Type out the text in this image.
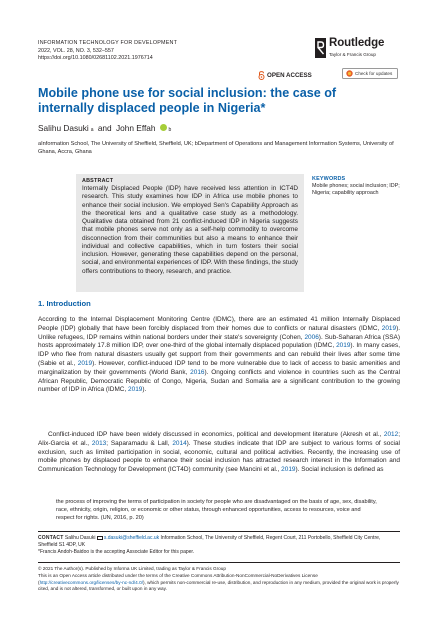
INFORMATION TECHNOLOGY FOR DEVELOPMENT
2022, VOL. 28, NO. 3, 532–557
https://doi.org/10.1080/02681102.2021.1976714
Routledge
Taylor & Francis Group
OPEN ACCESS	Check for updates
Mobile phone use for social inclusion: the case of internally displaced people in Nigeria*
Salihu Dasuki $_a$ and John Effah	$_b$
aInformation School, The University of Sheffield, Sheffield, UK; bDepartment of Operations and Management Information Systems, University of Ghana, Accra, Ghana
ABSTRACT
Internally Displaced People (IDP) have received less attention in ICT4D research. This study examines how IDP in Africa use mobile phones to enhance their social inclusion. We employed Sen's Capability Approach as the theoretical lens and a qualitative case study as a methodology. Qualitative data obtained from 21 conflict-induced IDP in Nigeria suggests that mobile phones serve not only as a self-help commodity to overcome disconnection from their communities but also a means to enhance their individual and collective capabilities, which in turn fosters their social inclusion. However, generating these capabilities depend on the personal, social, and environmental experiences of IDP. With these findings, the study offers contributions to theory, research, and practice.
KEYWORDS
Mobile phones; social inclusion; IDP; Nigeria; capability approach
1. Introduction

According to the Internal Displacement Monitoring Centre (IDMC), there are an estimated 41 million Internally Displaced People (IDP) globally that have been forcibly displaced from their homes due to conflicts or natural disasters (IDMC, 2019). Unlike refugees, IDP remains within national borders under their state's sovereignty (Cohen, 2006). Sub-Saharan Africa (SSA) hosts approximately 17.8 million IDP, over one-third of the global internally displaced population (IDMC, 2019). In many cases, IDP who flee from natural disasters usually get support from their governments and can rebuild their lives after some time (Sabie et al., 2019). However, conflict-induced IDP tend to be more vulnerable due to lack of access to basic amenities and marginalization by their governments (World Bank, 2016). Ongoing conflicts and violence in countries such as the Central African Republic, Democratic Republic of Congo, Nigeria, Sudan and Somalia are a significant contribution to the growing number of IDP in Africa (IDMC, 2019).

Conflict-induced IDP have been widely discussed in economics, political and development literature (Akresh et al., 2012; Alix-Garcia et al., 2013; Saparamadu & Lall, 2014). These studies indicate that IDP are subject to various forms of social exclusion, such as limited participation in social, economic, cultural and political activities. Recently, the increasing use of mobile phones by displaced people to enhance their social inclusion has attracted research interest in the Information and Communication Technology for Development (ICT4D) community (see Mancini et al., 2019). Social inclusion is defined as

the process of improving the terms of participation in society for people who are disadvantaged on the basis of age, sex, disability, race, ethnicity, origin, religion, or economic or other status, through enhanced opportunities, access to resources, voice and respect for rights. (UN, 2016, p. 20)
CONTACT Salihu Dasuki s.dasuki@sheffield.ac.uk Information School, The University of Sheffield, Regent Court, 211 Portobello, Sheffield City Centre, Sheffield S1 4DP, UK
*Francis Andoh-Baidoo is the accepting Associate Editor for this paper.
© 2021 The Author(s). Published by Informa UK Limited, trading as Taylor & Francis Group
This is an Open Access article distributed under the terms of the Creative Commons Attribution-NonCommercial-NoDerivatives License (http://creativecommons.org/licenses/by-nc-nd/4.0/), which permits non-commercial re-use, distribution, and reproduction in any medium, provided the original work is properly cited, and is not altered, transformed, or built upon in any way.
